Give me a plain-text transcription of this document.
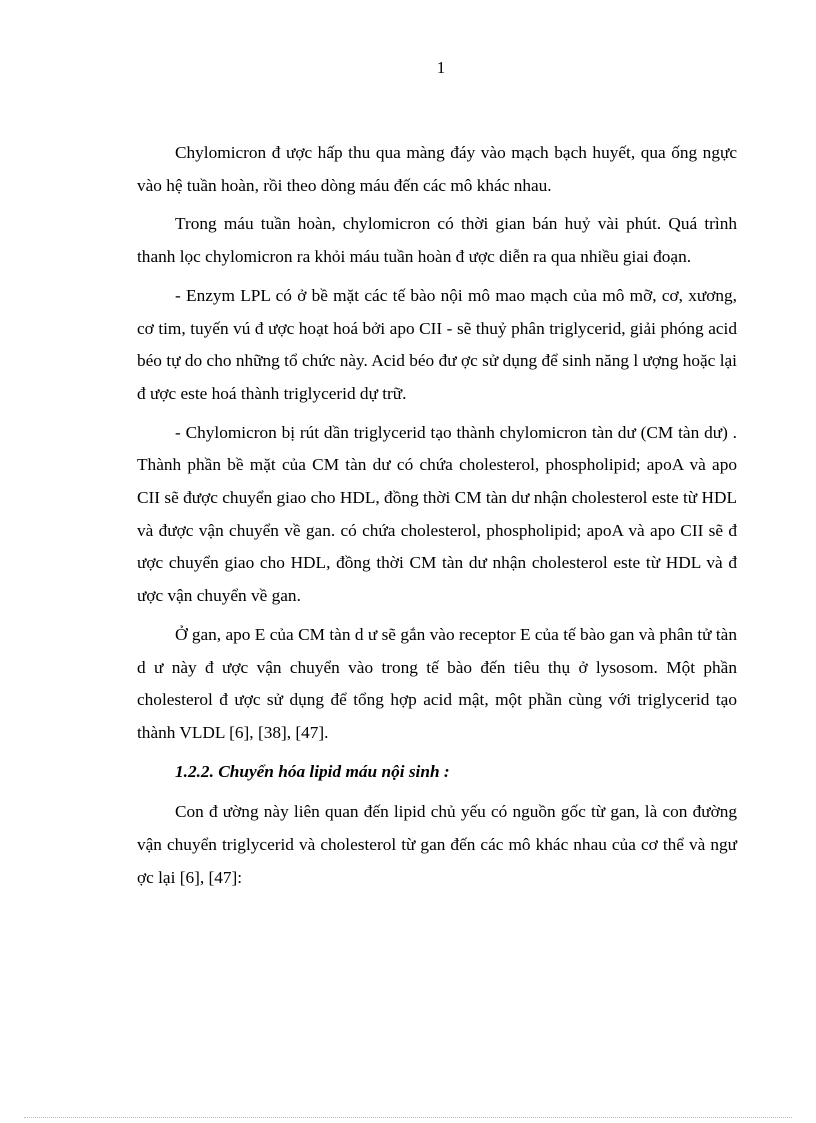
1

Chylomicron đ ược hấp thu qua màng đáy vào mạch bạch huyết, qua ống ngực vào hệ tuần hoàn, rồi theo dòng máu đến các mô khác nhau.

Trong máu tuần hoàn, chylomicron có thời gian bán huỷ vài phút. Quá trình thanh lọc chylomicron ra khỏi máu tuần hoàn đ ược diễn ra qua nhiều giai đoạn.

- Enzym LPL có ở bề mặt các tế bào nội mô mao mạch của mô mỡ, cơ, xương, cơ tim, tuyến vú đ ược hoạt hoá bởi apo CII - sẽ thuỷ phân triglycerid, giải phóng acid béo tự do cho những tổ chức này. Acid béo đư ợc sử dụng để sinh năng l ượng hoặc lại đ ược este hoá thành triglycerid dự trữ.

- Chylomicron bị rút dần triglycerid tạo thành chylomicron tàn dư (CM tàn dư) . Thành phần bề mặt của CM tàn dư có chứa cholesterol, phospholipid; apoA và apo CII sẽ được chuyển giao cho HDL, đồng thời CM tàn dư nhận cholesterol este từ HDL và được vận chuyển về gan. có chứa cholesterol, phospholipid; apoA và apo CII sẽ đ ược chuyển giao cho HDL, đồng thời CM tàn dư nhận cholesterol este từ HDL và đ ược vận chuyển về gan.

Ở gan, apo E của CM tàn d ư sẽ gắn vào receptor E của tế bào gan và phân tử tàn d ư này đ ược vận chuyển vào trong tế bào đến tiêu thụ ở lysosom. Một phần cholesterol đ ược sử dụng để tổng hợp acid mật, một phần cùng với triglycerid tạo thành VLDL [6], [38], [47].

1.2.2. Chuyển hóa lipid máu nội sinh :

Con đ ường này liên quan đến lipid chủ yếu có nguồn gốc từ gan, là con đường vận chuyển triglycerid và cholesterol từ gan đến các mô khác nhau của cơ thể và ngư ợc lại [6], [47]:
